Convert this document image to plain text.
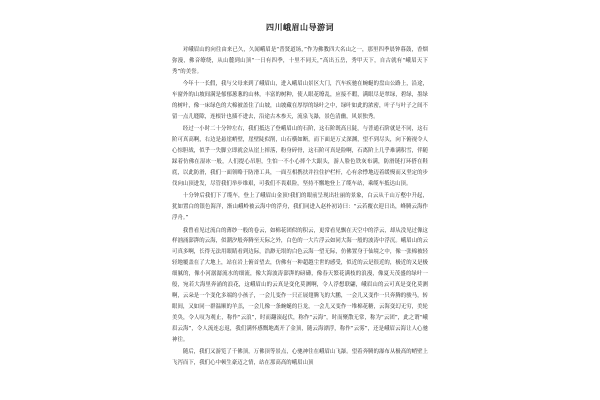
四川峨眉山导游词

对峨眉山的向往由来已久，久闻峨眉是“普贤道场，”作为佛教四大名山之一，那里四季晨钟暮鼓，香烟弥漫，佛音缭绕，从山麓到山顶“一日有四季，十里不同天，”高出五岳，秀甲天下，自古就有“峨眉天下秀”的美誉。

今年十一长假，我与父母来到了峨眉山，进入峨眉山景区大门，汽车疾驰在蜿蜒的盘山公路上，沿途，车窗外的山坡间满是郁郁葱葱的山林，丰富的树种，使人眼花缭乱，应接不暇，满眼尽是翠绿，碧绿，墨绿的树叶，像一床绿色的大棉被盖住了山坡，山坡藏在厚厚的绿叶之中，绿叶如此的浓密，叶子与叶子之间不留一点儿缝隙，连根针也插不进去，沿途古木参天，流泉飞瀑，景色清幽，风景独秀。

经过一小时二十分钟左右，我们抵达了登峨眉山的石阶，这石阶既高且陡，与普通石阶就是不同，这石阶可真高啊，右边是悬崖峭壁，崖壁陡似削，山石横如断，而下面是万丈深渊，望不到尽头，向下俯视令人心惊胆战，似乎一失脚立即就会从崖上摔落，粉身碎骨，这石阶可真是险啊，石离阶上几乎难满积雪，伴随踩着仿佛在湿冰一般，人们提心吊胆，生怕一不小心摔个大跟头，游人脸色铁灰布满，防滑链打环搭在鞋底，以此防滑，我们一面领略于防滑工具，一面互相携扶并拄住护栏杆，心有余悸地迈着缓慢而又坚定的步伐向山顶进发，尽管我们举步维艰，可我们不畏艰险，坚持不懈地登上了缆车站，乘缆车抵达山顶。

十分钟后我们下了缆车，登上了峨眉山金顶!我们的眼前呈现出壮丽的景象，白云从千山万壑中升起，犹如置白的银色海洋，渐山峨岭被云海中的浮舟，我们同进入赵朴初诗曰：“云若覆衣迎日出，峰腾云海作浮舟。”

我曾看见过流白的薄纱一般的卷云，如棉花团似的积云，更常看见飘在天空中的浮云，却从没见过像这样汹涌澎湃的云海，似潮汐般奔腾至天际之外，白色的一大片浮云如同大海一般的波涛中浮沉。峨眉山的云可真多啊，长得无法用眼睛看到边际，浩渺无垠的白色云海一望无际，仿佛置身于仙境之中，像一张棉被轻轻地覆盖在了大地上，站在岩上俯首望去，仿佛有一种超越尘世的感受，似近的云是很近的，极近的又是极细腻的，像小河潺潺流水的细流，像大海波涛澎湃的磅礴，像春天繁花满枝的浪漫，像夏天茂盛的绿叶一般，宛若大海里奔涌的浪花，这峨眉山的云真是变化莫测啊，令人浮想联翩，峨眉山的云可真是变化莫测啊，云朵是一个变化多端的小孩子，一会儿变作一只正展翅腾飞的大鹏，一会儿又变作一只奔腾的骏马，转眼间，又如同一群温顺的羊羔，一会儿像一条蜿蜒的巨龙，一会儿又变作一堆棉花糖，云海变幻无穷，美轮美奂，令人叹为观止，称作“云浪”，时而翻滚起伏，称作“云海”，时而聚散无常，称为“云团”，此之谓“峨眉云海”，令人流连忘返，我们满怀感慨地离开了金顶，随云海漂浮，称作“云雾”，还是峨眉云海让人心驰神往。

随后，我们又游览了千佛顶，万佛顶等景点，心驰神往在峨眉山飞瀑。望着奔腾的瀑布从极高的峭壁上飞泻而下，我们心中顿生豪迈之情，站在那高高的峨眉山顶
